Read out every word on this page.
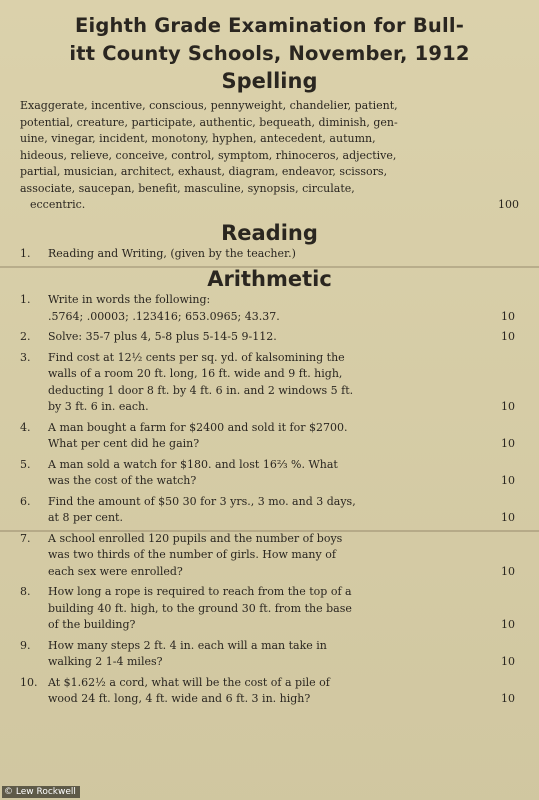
Eighth Grade Examination for Bull-
itt County Schools, November, 1912
Spelling
Exaggerate, incentive, conscious, pennyweight, chandelier, patient,
potential, creature, participate, authentic, bequeath, diminish, gen-
uine, vinegar, incident, monotony, hyphen, antecedent, autumn,
hideous, relieve, conceive, control, symptom, rhinoceros, adjective,
partial, musician, architect, exhaust, diagram, endeavor, scissors,
associate, saucepan, benefit, masculine, synopsis, circulate,
eccentric.	100
Reading
1.	Reading and Writing, (given by the teacher.)
Arithmetic
1.	Write in words the following:
.5764; .00003; .123416; 653.0965; 43.37.	10
2.	Solve: 35-7 plus 4, 5-8 plus 5-14-5 9-112.	10
3.	Find cost at 12½ cents per sq. yd. of kalsomining the
walls of a room 20 ft. long, 16 ft. wide and 9 ft. high,
deducting 1 door 8 ft. by 4 ft. 6 in. and 2 windows 5 ft.
by 3 ft. 6 in. each.	10
4.	A man bought a farm for $2400 and sold it for $2700.
What per cent did he gain?	10
5.	A man sold a watch for $180. and lost 16⅔ %. What
was the cost of the watch?	10
6.	Find the amount of $50 30 for 3 yrs., 3 mo. and 3 days,
at 8 per cent.	10
7.	A school enrolled 120 pupils and the number of boys
was two thirds of the number of girls. How many of
each sex were enrolled?	10
8.	How long a rope is required to reach from the top of a
building 40 ft. high, to the ground 30 ft. from the base
of the building?	10
9.	How many steps 2 ft. 4 in. each will a man take in
walking 2 1-4 miles?	10
10. At $1.62½ a cord, what will be the cost of a pile of
wood 24 ft. long, 4 ft. wide and 6 ft. 3 in. high?	10
© Lew Rockwell
